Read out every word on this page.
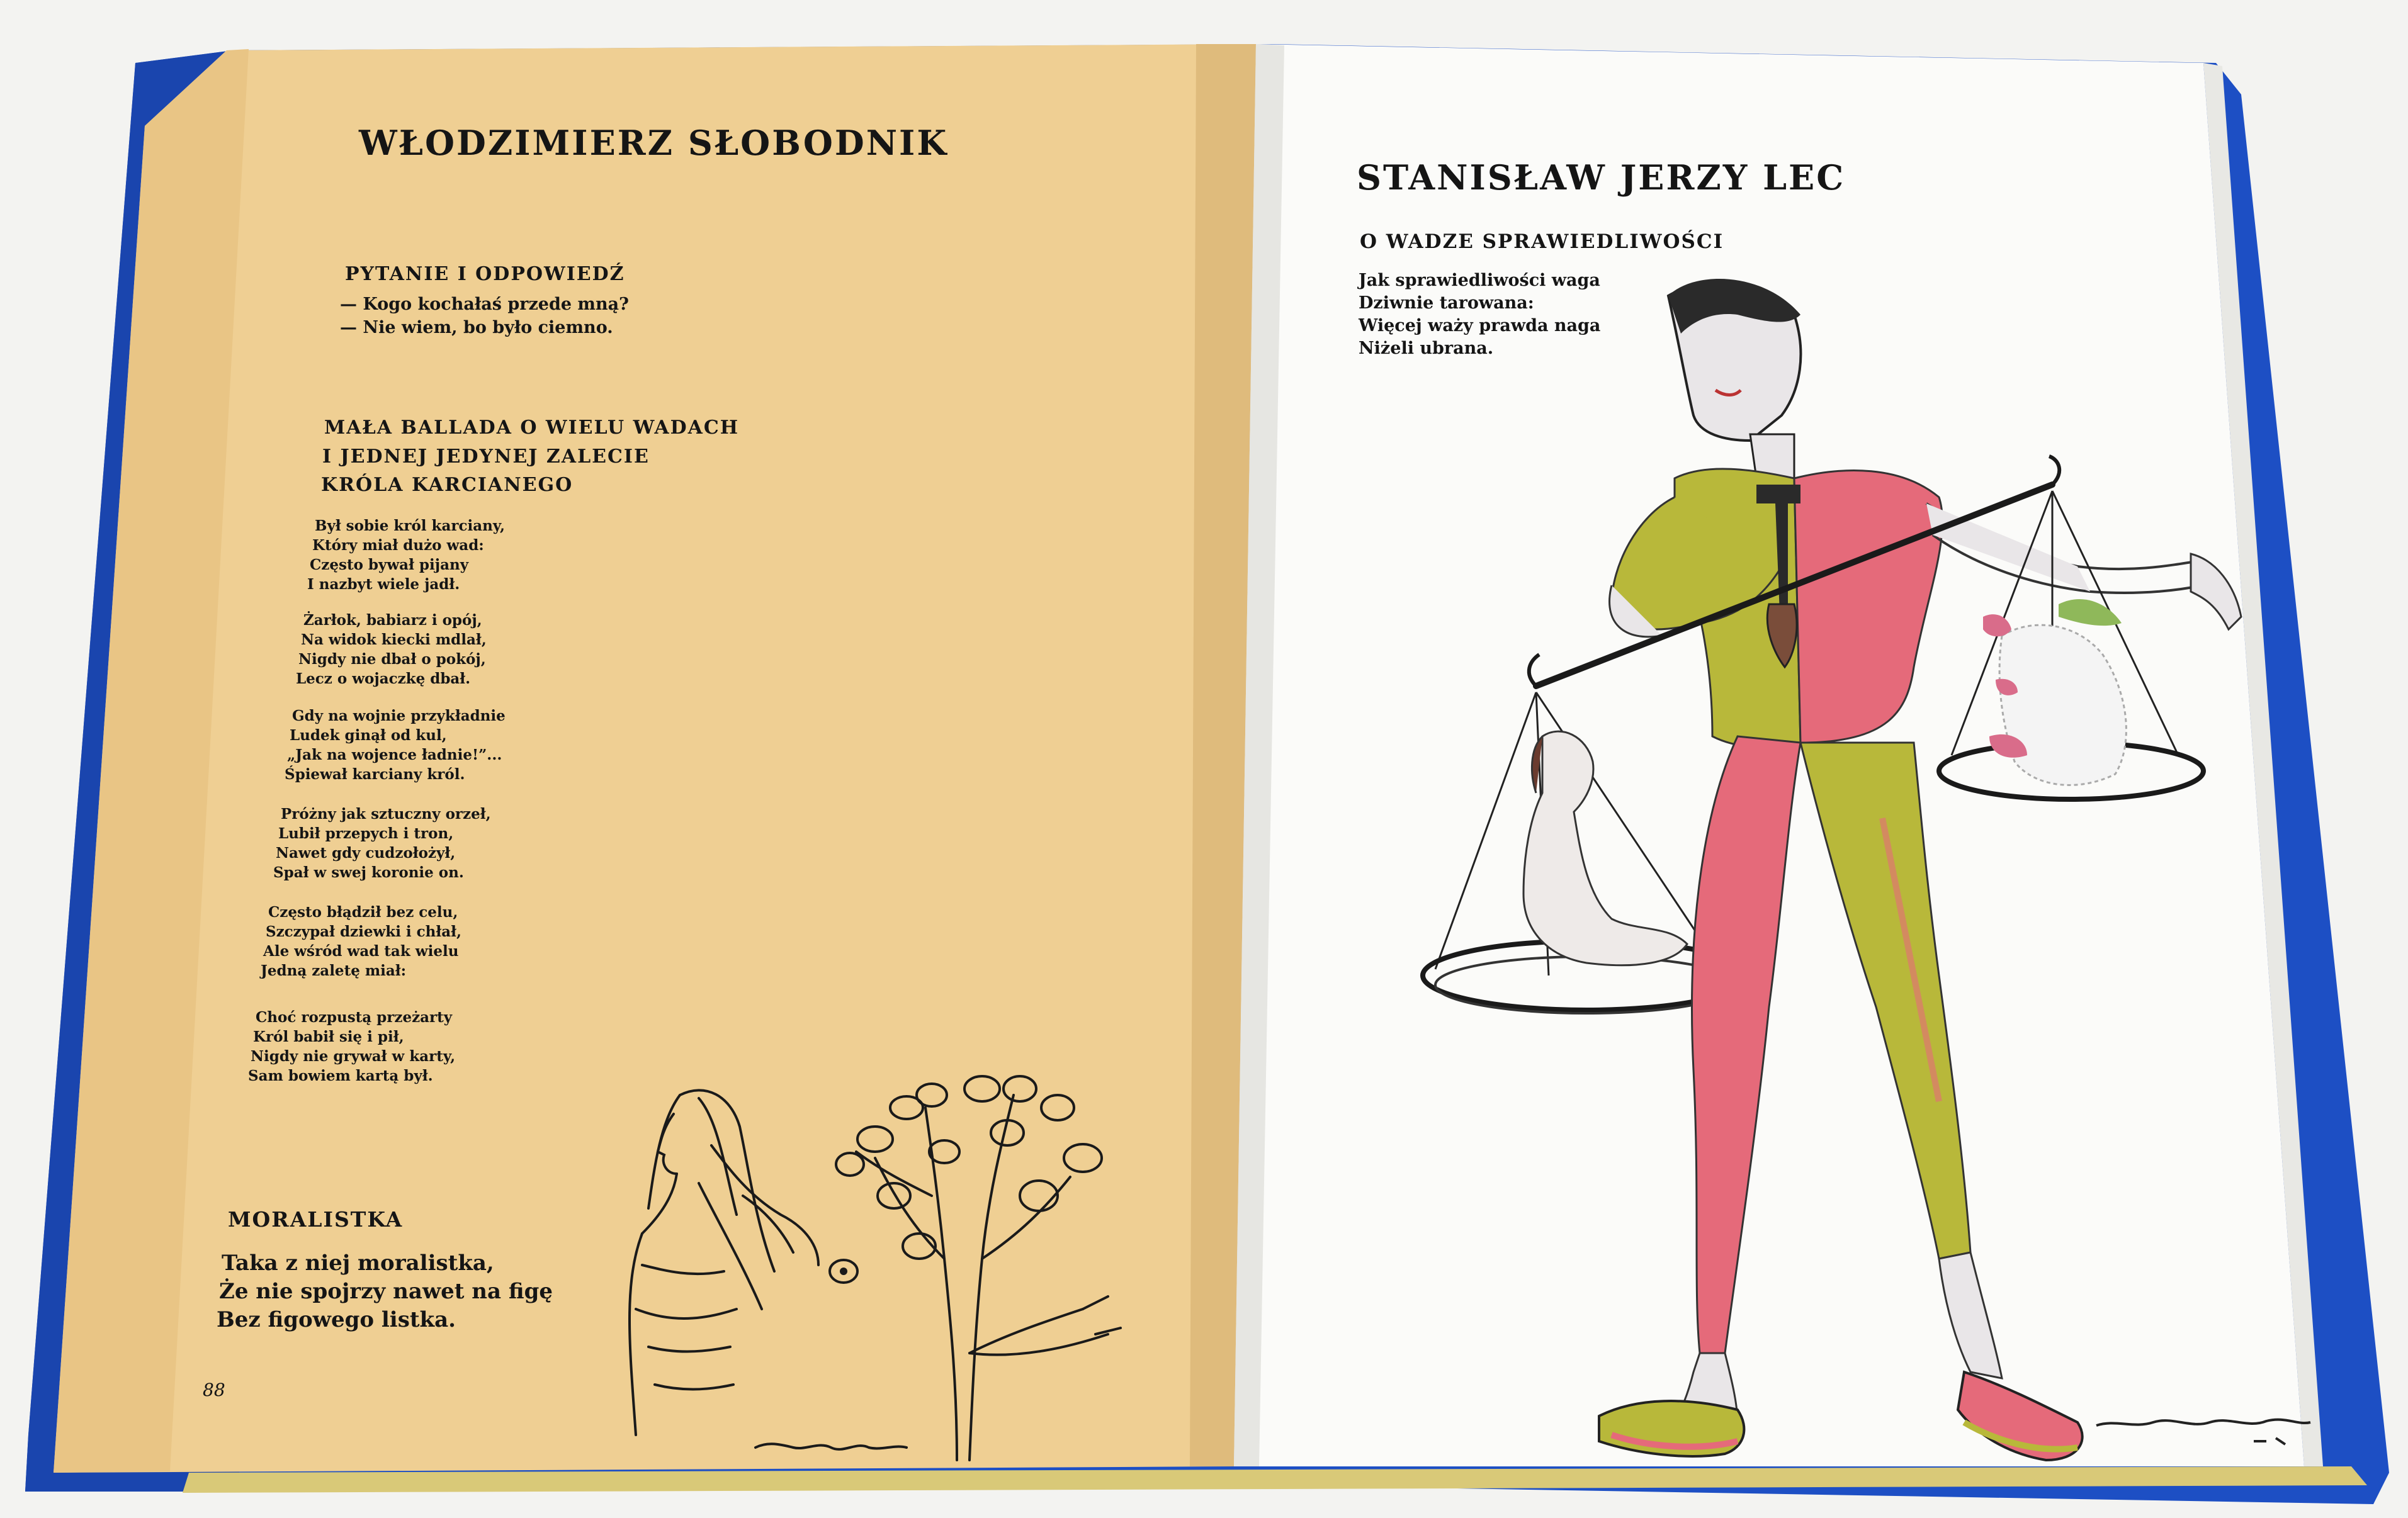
WŁODZIMIERZ SŁOBODNIK
PYTANIE I ODPOWIEDŹ
— Kogo kochałaś przede mną?
— Nie wiem, bo było ciemno.
MAŁA BALLADA O WIELU WADACH
I JEDNEJ JEDYNEJ ZALECIE
KRÓLA KARCIANEGO
Był sobie król karciany,
Który miał dużo wad:
Często bywał pijany
I nazbyt wiele jadł.
Żarłok, babiarz i opój,
Na widok kiecki mdlał,
Nigdy nie dbał o pokój,
Lecz o wojaczkę dbał.
Gdy na wojnie przykładnie
Ludek ginął od kul,
„Jak na wojence ładnie!”...
Śpiewał karciany król.
Próżny jak sztuczny orzeł,
Lubił przepych i tron,
Nawet gdy cudzołożył,
Spał w swej koronie on.
Często błądził bez celu,
Szczypał dziewki i chłał,
Ale wśród wad tak wielu
Jedną zaletę miał:
Choć rozpustą przeżarty
Król babił się i pił,
Nigdy nie grywał w karty,
Sam bowiem kartą był.
MORALISTKA
Taka z niej moralistka,
Że nie spojrzy nawet na figę
Bez figowego listka.
88
STANISŁAW JERZY LEC
O WADZE SPRAWIEDLIWOŚCI
Jak sprawiedliwości waga
Dziwnie tarowana:
Więcej waży prawda naga
Niżeli ubrana.
